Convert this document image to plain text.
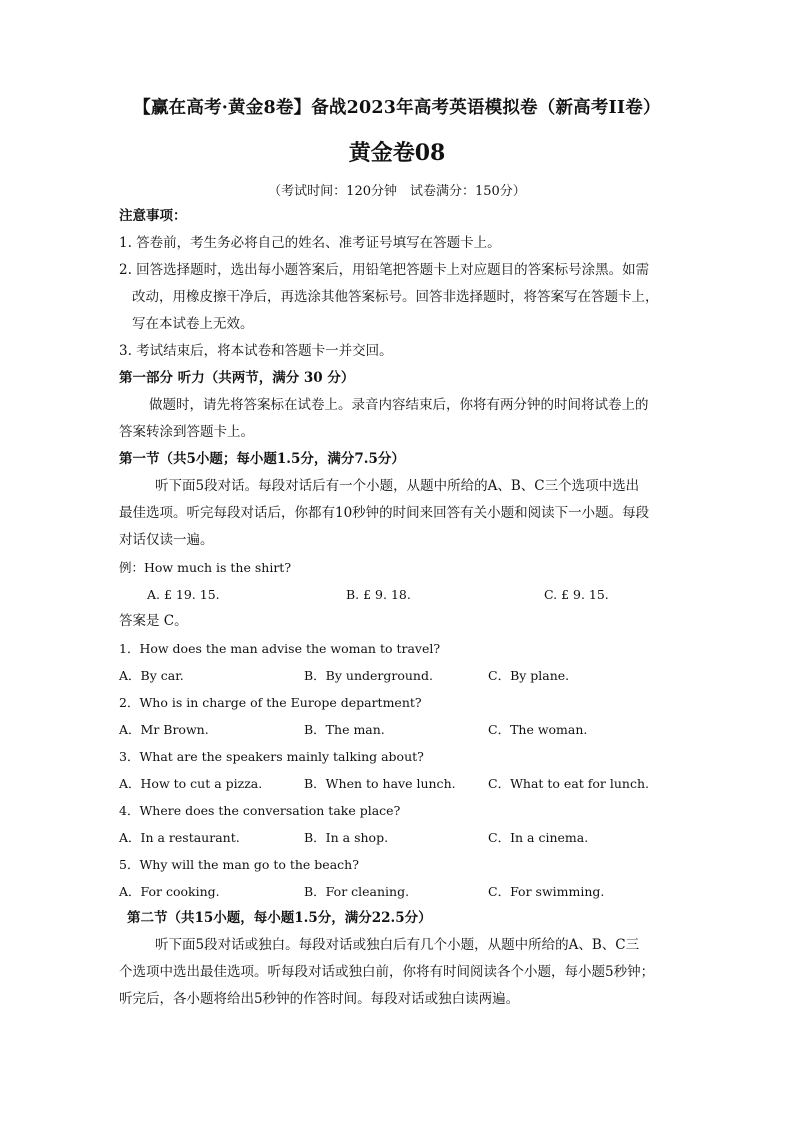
【赢在高考·黄金8卷】备战2023年高考英语模拟卷（新高考II卷）
黄金卷08
（考试时间：120分钟　试卷满分：150分）
注意事项：
1. 答卷前，考生务必将自己的姓名、准考证号填写在答题卡上。
2. 回答选择题时，选出每小题答案后，用铅笔把答题卡上对应题目的答案标号涂黑。如需
改动，用橡皮擦干净后，再选涂其他答案标号。回答非选择题时，将答案写在答题卡上，
写在本试卷上无效。
3. 考试结束后，将本试卷和答题卡一并交回。
第一部分 听力（共两节，满分 30 分）
做题时，请先将答案标在试卷上。录音内容结束后，你将有两分钟的时间将试卷上的
答案转涂到答题卡上。
第一节（共5小题；每小题1.5分，满分7.5分）
听下面5段对话。每段对话后有一个小题，从题中所给的A、B、C三个选项中选出
最佳选项。听完每段对话后，你都有10秒钟的时间来回答有关小题和阅读下一小题。每段
对话仅读一遍。
例：How much is the shirt?
A. £ 19. 15.	B. £ 9. 18.	C. £ 9. 15.
答案是 C。
1．How does the man advise the woman to travel?
A．By car.	B．By underground.	C．By plane.
2．Who is in charge of the Europe department?
A．Mr Brown.	B．The man.	C．The woman.
3．What are the speakers mainly talking about?
A．How to cut a pizza.	B．When to have lunch.	C．What to eat for lunch.
4．Where does the conversation take place?
A．In a restaurant.	B．In a shop.	C．In a cinema.
5．Why will the man go to the beach?
A．For cooking.	B．For cleaning.	C．For swimming.
第二节（共15小题，每小题1.5分，满分22.5分）
听下面5段对话或独白。每段对话或独白后有几个小题，从题中所给的A、B、C三
个选项中选出最佳选项。听每段对话或独白前，你将有时间阅读各个小题，每小题5秒钟；
听完后，各小题将给出5秒钟的作答时间。每段对话或独白读两遍。
